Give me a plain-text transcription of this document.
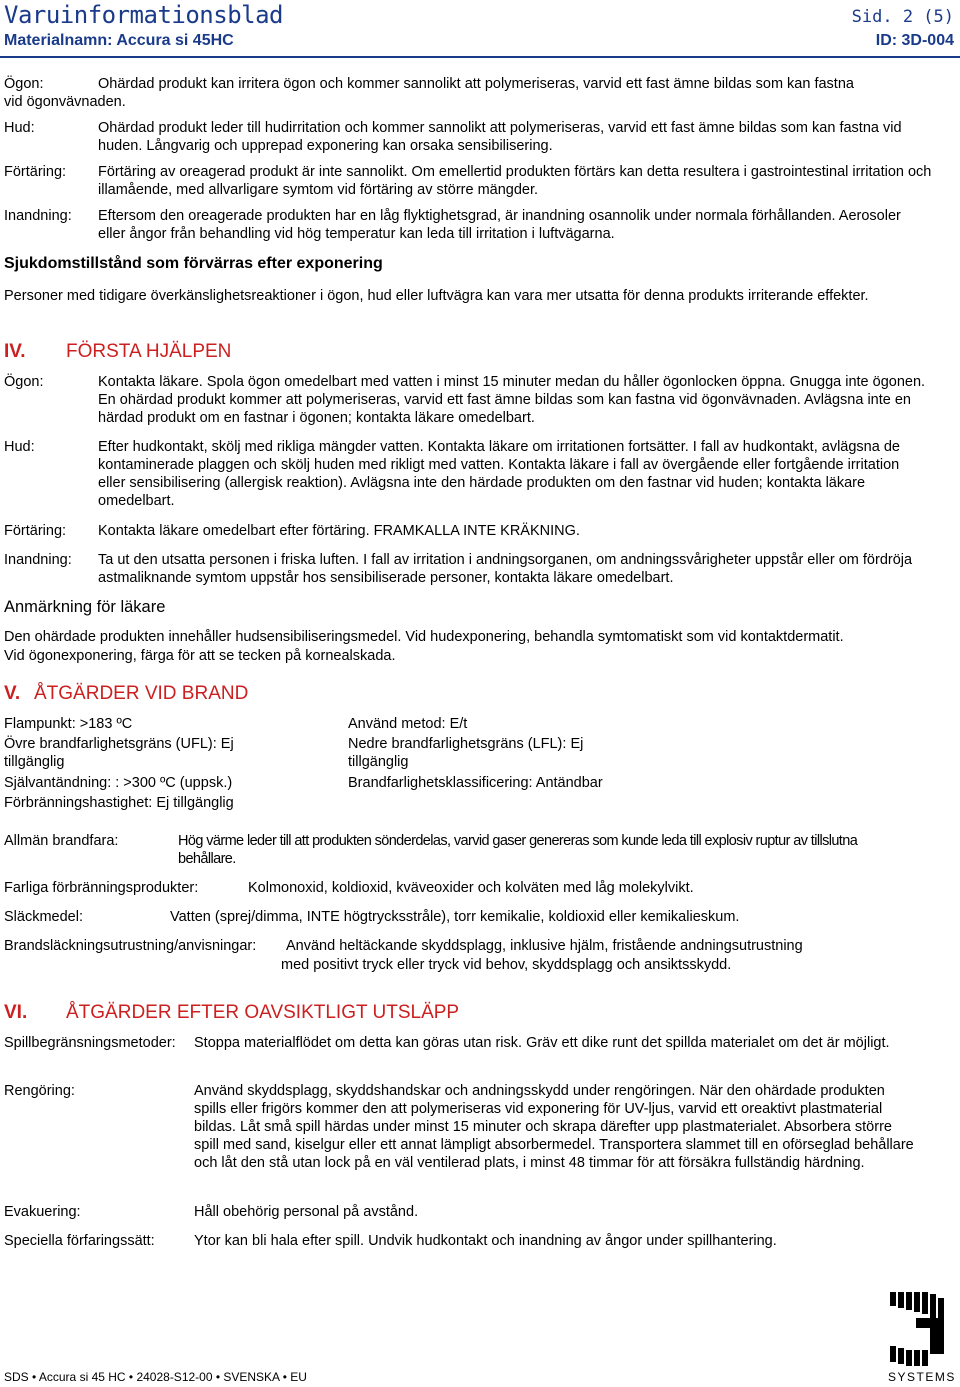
Varuinformationsblad	Sid. 2 (5)
Materialnamn: Accura si 45HC	ID: 3D-004
Ögon:	Ohärdad produkt kan irritera ögon och kommer sannolikt att polymeriseras, varvid ett fast ämne bildas som kan fastna
vid ögonvävnaden.
Hud:	Ohärdad produkt leder till hudirritation och kommer sannolikt att polymeriseras, varvid ett fast ämne bildas som kan fastna vid huden. Långvarig och upprepad exponering kan orsaka sensibilisering.
Förtäring: Förtäring av oreagerad produkt är inte sannolikt. Om emellertid produkten förtärs kan detta resultera i gastrointestinal irritation och illamående, med allvarligare symtom vid förtäring av större mängder.
Inandning: Eftersom den oreagerade produkten har en låg flyktighetsgrad, är inandning osannolik under normala förhållanden. Aerosoler eller ångor från behandling vid hög temperatur kan leda till irritation i luftvägarna.
Sjukdomstillstånd som förvärras efter exponering
Personer med tidigare överkänslighetsreaktioner i ögon, hud eller luftvägra kan vara mer utsatta för denna produkts irriterande effekter.
IV. FÖRSTA HJÄLPEN
Ögon:	Kontakta läkare. Spola ögon omedelbart med vatten i minst 15 minuter medan du håller ögonlocken öppna. Gnugga inte ögonen. En ohärdad produkt kommer att polymeriseras, varvid ett fast ämne bildas som kan fastna vid ögonvävnaden. Avlägsna inte en härdad produkt om en fastnar i ögonen; kontakta läkare omedelbart.
Hud:	Efter hudkontakt, skölj med rikliga mängder vatten. Kontakta läkare om irritationen fortsätter. I fall av hudkontakt, avlägsna de kontaminerade plaggen och skölj huden med rikligt med vatten. Kontakta läkare i fall av övergående eller fortgående irritation eller sensibilisering (allergisk reaktion). Avlägsna inte den härdade produkten om den fastnar vid huden; kontakta läkare omedelbart.
Förtäring: Kontakta läkare omedelbart efter förtäring. FRAMKALLA INTE KRÄKNING.
Inandning: Ta ut den utsatta personen i friska luften. I fall av irritation i andningsorganen, om andningssvårigheter uppstår eller om fördröja astmaliknande symtom uppstår hos sensibiliserade personer, kontakta läkare omedelbart.
Anmärkning för läkare
Den ohärdade produkten innehåller hudsensibiliseringsmedel. Vid hudexponering, behandla symtomatiskt som vid kontaktdermatit.
Vid ögonexponering, färga för att se tecken på kornealskada.
V. ÅTGÄRDER VID BRAND
Flampunkt: >183 ºC
Övre brandfarlighetsgräns (UFL): Ej
tillgänglig
Självantändning: : >300 ºC (uppsk.)
Förbränningshastighet: Ej tillgänglig
Använd metod: E/t
Nedre brandfarlighetsgräns (LFL): Ej
tillgänglig
Brandfarlighetsklassificering: Antändbar
Allmän brandfara:	Hög värme leder till att produkten sönderdelas, varvid gaser genereras som kunde leda till explosiv ruptur av tillslutna behållare.
Farliga förbränningsprodukter:	Kolmonoxid, koldioxid, kväveoxider och kolväten med låg molekylvikt.
Släckmedel:	Vatten (sprej/dimma, INTE högtrycksstråle), torr kemikalie, koldioxid eller kemikalieskum.
Brandsläckningsutrustning/anvisningar: Använd heltäckande skyddsplagg, inklusive hjälm, fristående andningsutrustning
med positivt tryck eller tryck vid behov, skyddsplagg och ansiktsskydd.
VI. ÅTGÄRDER EFTER OAVSIKTLIGT UTSLÄPP
Spillbegränsningsmetoder: Stoppa materialflödet om detta kan göras utan risk. Gräv ett dike runt det spillda materialet om det är möjligt.
Rengöring:	Använd skyddsplagg, skyddshandskar och andningsskydd under rengöringen. När den ohärdade produkten spills eller frigörs kommer den att polymeriseras vid exponering för UV-ljus, varvid ett oreaktivt plastmaterial bildas. Låt små spill härdas under minst 15 minuter och skrapa därefter upp plastmaterialet. Absorbera större spill med sand, kiselgur eller ett annat lämpligt absorbermedel. Transportera slammet till en oförseglad behållare och låt den stå utan lock på en väl ventilerad plats, i minst 48 timmar för att försäkra fullständig härdning.
Evakuering:	Håll obehörig personal på avstånd.
Speciella förfaringssätt:	Ytor kan bli hala efter spill. Undvik hudkontakt och inandning av ångor under spillhantering.
SDS • Accura si 45 HC • 24028-S12-00 • SVENSKA • EU	SYSTEMS
